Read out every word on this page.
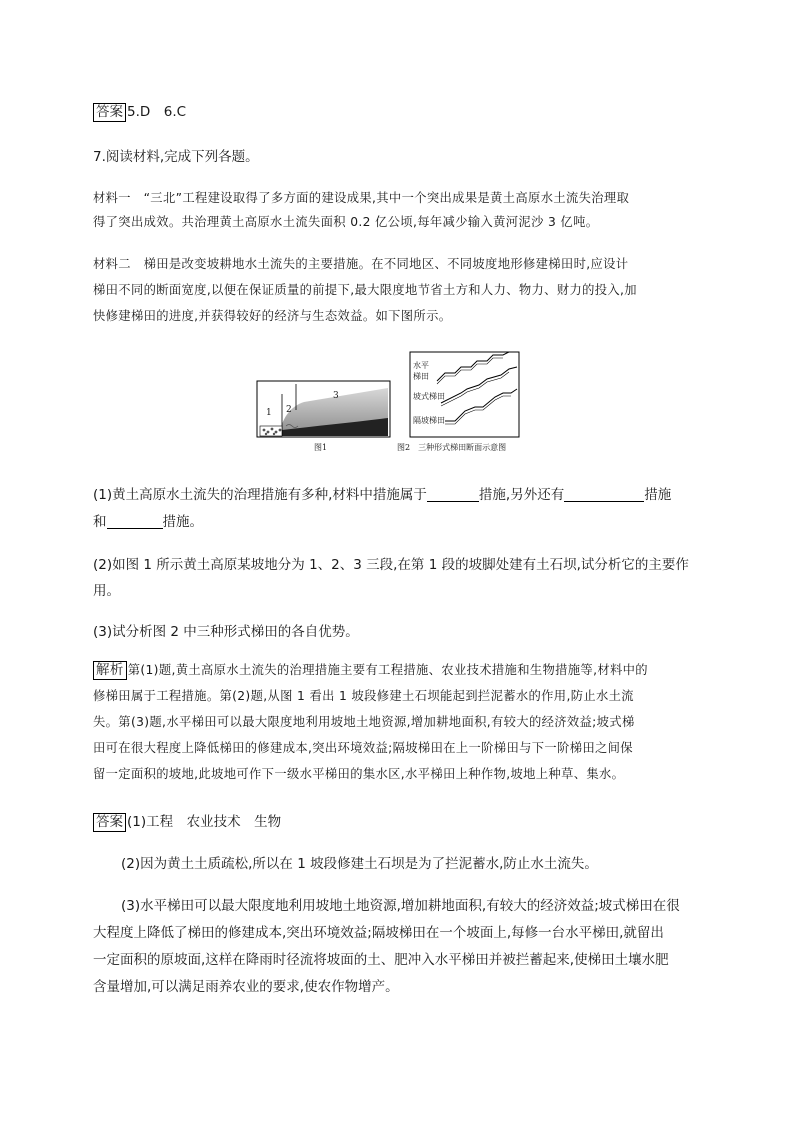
答案 5.D　6.C
7.阅读材料,完成下列各题。
材料一　“三北”工程建设取得了多方面的建设成果,其中一个突出成果是黄土高原水土流失治理取
得了突出成效。共治理黄土高原水土流失面积 0.2 亿公顷,每年减少输入黄河泥沙 3 亿吨。
材料二　梯田是改变坡耕地水土流失的主要措施。在不同地区、不同坡度地形修建梯田时,应设计
梯田不同的断面宽度,以便在保证质量的前提下,最大限度地节省土方和人力、物力、财力的投入,加
快修建梯田的进度,并获得较好的经济与生态效益。如下图所示。
1 2
3
图1
水平
梯田
坡式梯田
隔坡梯田
图2　三种形式梯田断面示意图
(1)黄土高原水土流失的治理措施有多种,材料中措施属于	措施,另外还有	措施
和	措施。
(2)如图 1 所示黄土高原某坡地分为 1、2、3 三段,在第 1 段的坡脚处建有土石坝,试分析它的主要作
用。
(3)试分析图 2 中三种形式梯田的各自优势。
解析 第(1)题,黄土高原水土流失的治理措施主要有工程措施、农业技术措施和生物措施等,材料中的
修梯田属于工程措施。第(2)题,从图 1 看出 1 坡段修建土石坝能起到拦泥蓄水的作用,防止水土流
失。第(3)题,水平梯田可以最大限度地利用坡地土地资源,增加耕地面积,有较大的经济效益;坡式梯
田可在很大程度上降低梯田的修建成本,突出环境效益;隔坡梯田在上一阶梯田与下一阶梯田之间保
留一定面积的坡地,此坡地可作下一级水平梯田的集水区,水平梯田上种作物,坡地上种草、集水。
答案 (1)工程　农业技术　生物
(2)因为黄土土质疏松,所以在 1 坡段修建土石坝是为了拦泥蓄水,防止水土流失。
(3)水平梯田可以最大限度地利用坡地土地资源,增加耕地面积,有较大的经济效益;坡式梯田在很
大程度上降低了梯田的修建成本,突出环境效益;隔坡梯田在一个坡面上,每修一台水平梯田,就留出
一定面积的原坡面,这样在降雨时径流将坡面的土、肥冲入水平梯田并被拦蓄起来,使梯田土壤水肥
含量增加,可以满足雨养农业的要求,使农作物增产。
